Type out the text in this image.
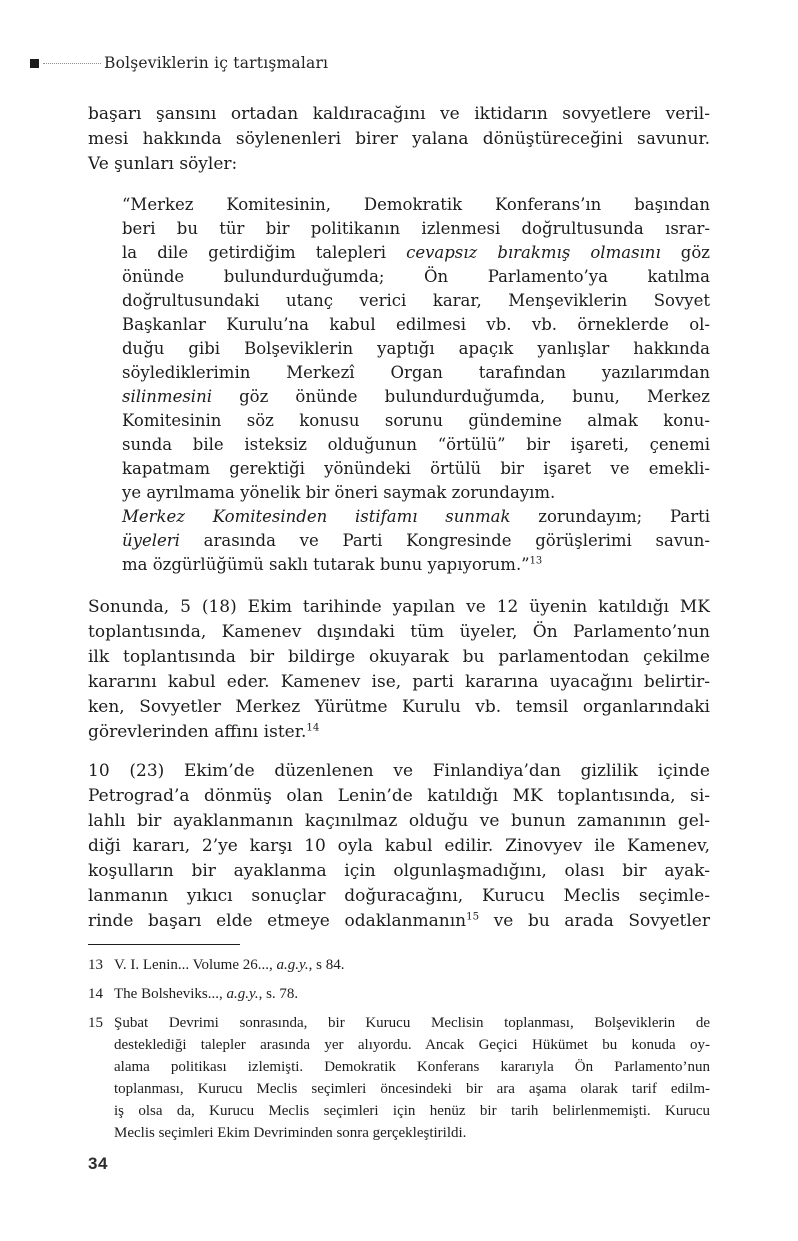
Bolşeviklerin iç tartışmaları
başarı şansını ortadan kaldıracağını ve iktidarın sovyetlere veril-
mesi hakkında söylenenleri birer yalana dönüştüreceğini savunur.
Ve şunları söyler:
“Merkez Komitesinin, Demokratik Konferans’ın başından
beri bu tür bir politikanın izlenmesi doğrultusunda ısrar-
la dile getirdiğim talepleri cevapsız bırakmış olmasını göz
önünde bulundurduğumda; Ön Parlamento’ya katılma
doğrultusundaki utanç verici karar, Menşeviklerin Sovyet
Başkanlar Kurulu’na kabul edilmesi vb. vb. örneklerde ol-
duğu gibi Bolşeviklerin yaptığı apaçık yanlışlar hakkında
söylediklerimin Merkezî Organ tarafından yazılarımdan
silinmesini göz önünde bulundurduğumda, bunu, Merkez
Komitesinin söz konusu sorunu gündemine almak konu-
sunda bile isteksiz olduğunun “örtülü” bir işareti, çenemi
kapatmam gerektiği yönündeki örtülü bir işaret ve emekli-
ye ayrılmama yönelik bir öneri saymak zorundayım.
Merkez Komitesinden istifamı sunmak zorundayım; Parti
üyeleri arasında ve Parti Kongresinde görüşlerimi savun-
ma özgürlüğümü saklı tutarak bunu yapıyorum.”$^{13}$
Sonunda, 5 (18) Ekim tarihinde yapılan ve 12 üyenin katıldığı MK
toplantısında, Kamenev dışındaki tüm üyeler, Ön Parlamento’nun
ilk toplantısında bir bildirge okuyarak bu parlamentodan çekilme
kararını kabul eder. Kamenev ise, parti kararına uyacağını belirtir-
ken, Sovyetler Merkez Yürütme Kurulu vb. temsil organlarındaki
görevlerinden affını ister.$^{14}$
10 (23) Ekim’de düzenlenen ve Finlandiya’dan gizlilik içinde
Petrograd’a dönmüş olan Lenin’de katıldığı MK toplantısında, si-
lahlı bir ayaklanmanın kaçınılmaz olduğu ve bunun zamanının gel-
diği kararı, 2’ye karşı 10 oyla kabul edilir. Zinovyev ile Kamenev,
koşulların bir ayaklanma için olgunlaşmadığını, olası bir ayak-
lanmanın yıkıcı sonuçlar doğuracağını, Kurucu Meclis seçimle-
rinde başarı elde etmeye odaklanmanın$^{15}$ ve bu arada Sovyetler
13 V. I. Lenin... Volume 26..., a.g.y., s 84.
14 The Bolsheviks..., a.g.y., s. 78.
15 Şubat Devrimi sonrasında, bir Kurucu Meclisin toplanması, Bolşeviklerin de
desteklediği talepler arasında yer alıyordu. Ancak Geçici Hükümet bu konuda oy-
alama politikası izlemişti. Demokratik Konferans kararıyla Ön Parlamento’nun
toplanması, Kurucu Meclis seçimleri öncesindeki bir ara aşama olarak tarif edilm-
iş olsa da, Kurucu Meclis seçimleri için henüz bir tarih belirlenmemişti. Kurucu
Meclis seçimleri Ekim Devriminden sonra gerçekleştirildi.
34
